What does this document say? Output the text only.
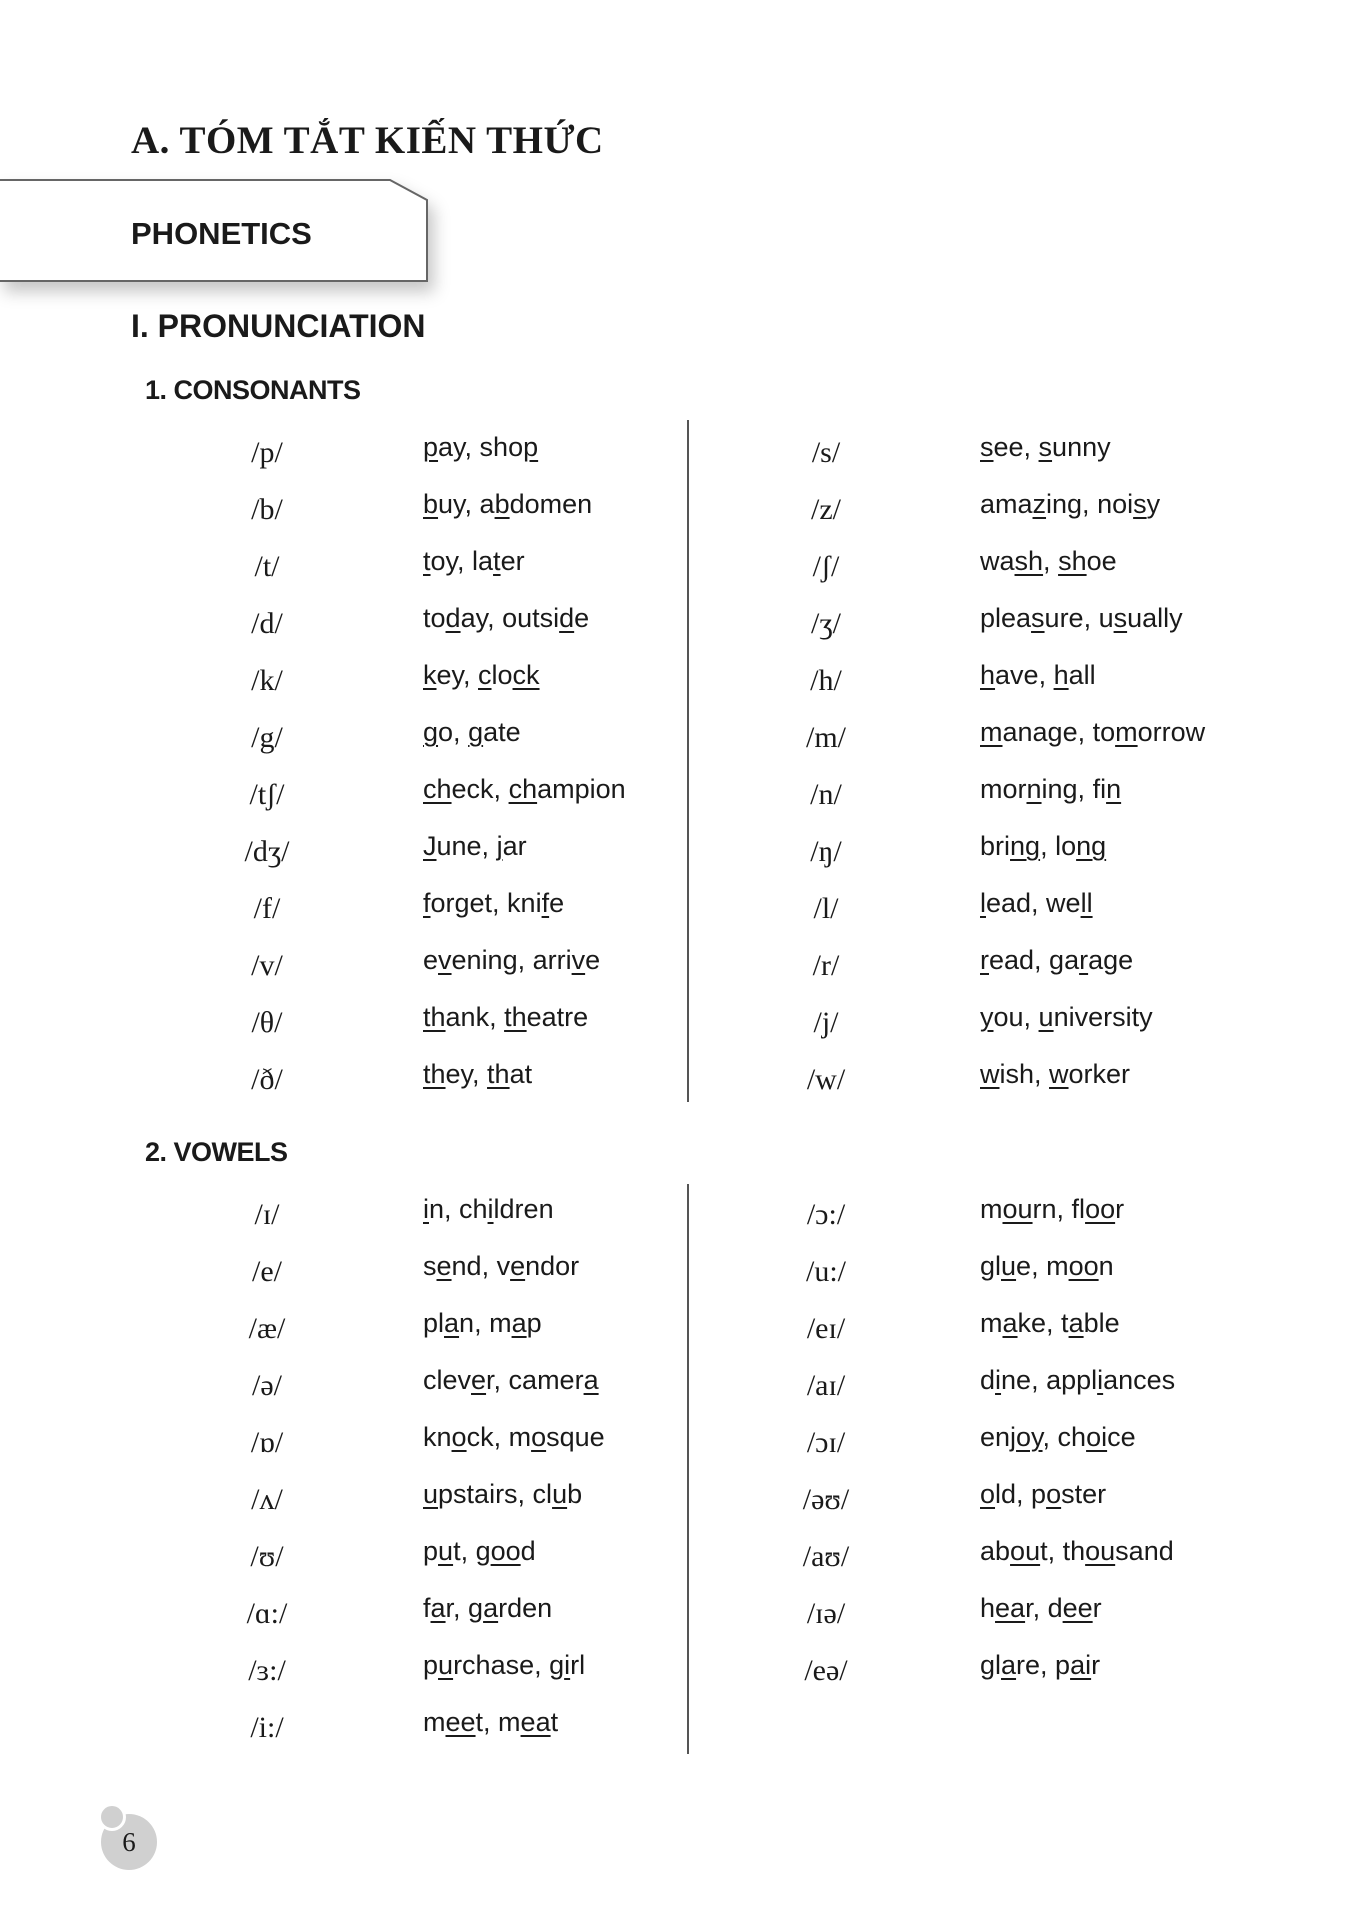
A. TÓM TẮT KIẾN THỨC
PHONETICS
I. PRONUNCIATION
1. CONSONANTS
/p/	pay, shop	/s/	see, sunny
/b/	buy, abdomen	/z/	amazing, noisy
/t/	toy, later	/ʃ/	wash, shoe
/d/	today, outside	/ʒ/	pleasure, usually
/k/	key, clock	/h/	have, hall
/g/	go, gate	/m/	manage, tomorrow
/tʃ/	check, champion	/n/	morning, fin
/dʒ/	June, jar	/ŋ/	bring, long
/f/	forget, knife	/l/	lead, well
/v/	evening, arrive	/r/	read, garage
/θ/	thank, theatre	/j/	you, university
/ð/	they, that	/w/	wish, worker
2. VOWELS
/ɪ/	in, children	/ɔ:/	mourn, floor
/e/	send, vendor	/u:/	glue, moon
/æ/	plan, map	/eɪ/	make, table
/ə/	clever, camera	/aɪ/	dine, appliances
/ɒ/	knock, mosque	/ɔɪ/	enjoy, choice
/ʌ/	upstairs, club	/əʊ/	old, poster
/ʊ/	put, good	/aʊ/	about, thousand
/ɑ:/	far, garden	/ɪə/	hear, deer
/ɜ:/	purchase, girl	/eə/	glare, pair
/i:/	meet, meat
6
